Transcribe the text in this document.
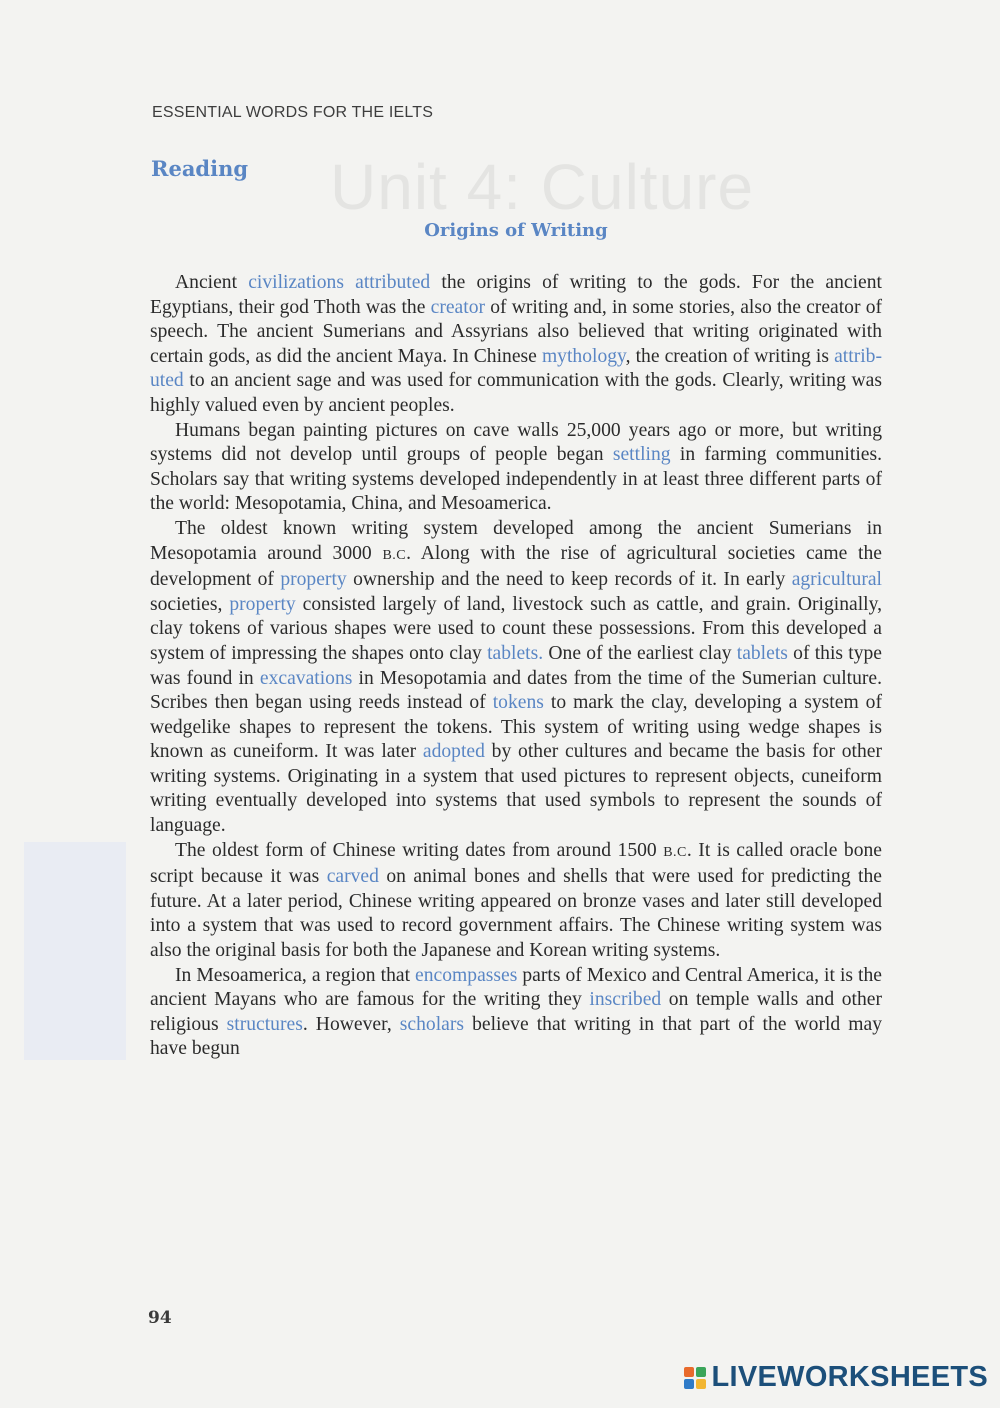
Unit 4: Culture
ESSENTIAL WORDS FOR THE IELTS
Reading
Origins of Writing

Ancient civilizations attributed the origins of writing to the gods. For the ancient Egyptians, their god Thoth was the creator of writing and, in some stories, also the creator of speech. The ancient Sumerians and Assyrians also believed that writing originated with certain gods, as did the ancient Maya. In Chinese mythology, the creation of writing is attributed to an ancient sage and was used for communication with the gods. Clearly, writing was highly valued even by ancient peoples.

Humans began painting pictures on cave walls 25,000 years ago or more, but writing systems did not develop until groups of people began settling in farming communities. Scholars say that writing systems developed independently in at least three different parts of the world: Mesopotamia, China, and Mesoamerica.

The oldest known writing system developed among the ancient Sumerians in Mesopotamia around 3000 B.C. Along with the rise of agricultural societies came the development of property ownership and the need to keep records of it. In early agricultural societies, property consisted largely of land, livestock such as cattle, and grain. Originally, clay tokens of various shapes were used to count these possessions. From this developed a system of impressing the shapes onto clay tablets. One of the earliest clay tablets of this type was found in excavations in Mesopotamia and dates from the time of the Sumerian culture. Scribes then began using reeds instead of tokens to mark the clay, developing a system of wedgelike shapes to represent the tokens. This system of writing using wedge shapes is known as cuneiform. It was later adopted by other cultures and became the basis for other writing systems. Originating in a system that used pictures to represent objects, cuneiform writing eventually developed into systems that used symbols to represent the sounds of language.

The oldest form of Chinese writing dates from around 1500 B.C. It is called oracle bone script because it was carved on animal bones and shells that were used for predicting the future. At a later period, Chinese writing appeared on bronze vases and later still developed into a system that was used to record government affairs. The Chinese writing system was also the original basis for both the Japanese and Korean writing systems.

In Mesoamerica, a region that encompasses parts of Mexico and Central America, it is the ancient Mayans who are famous for the writing they inscribed on temple walls and other religious structures. However, scholars believe that writing in that part of the world may have begun

94
LIVEWORKSHEETS
